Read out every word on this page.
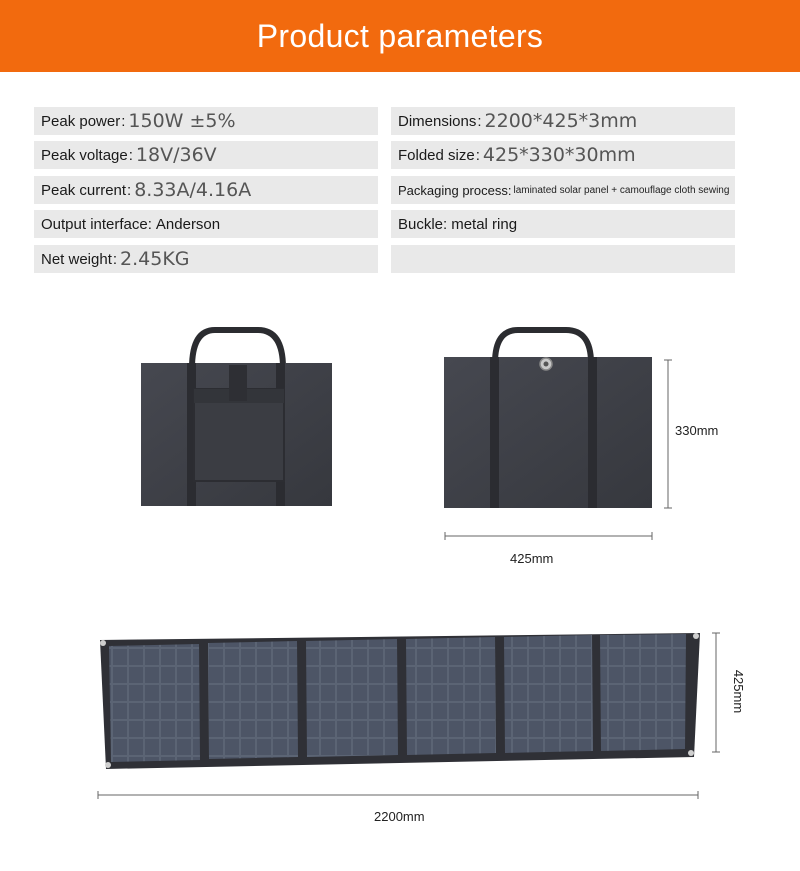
Product parameters
Peak power : 150W ±5%
Peak voltage : 18V/36V
Peak current : 8.33A/4.16A
Output interface : Anderson
Net weight : 2.45KG
Dimensions : 2200*425*3mm
Folded size : 425*330*30mm
Packaging process : laminated solar panel + camouflage cloth sewing
Buckle : metal ring
330mm
425mm
425mm
2200mm
